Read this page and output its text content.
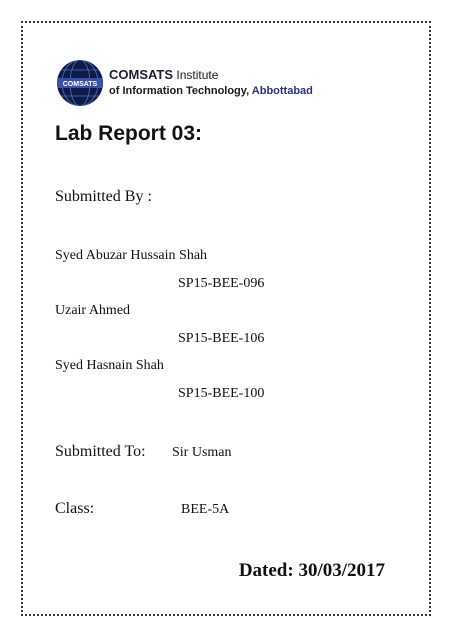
COMSATS
COMSATS Institute
of Information Technology, Abbottabad
Lab Report 03:

Submitted By :

Syed Abuzar Hussain Shah
SP15-BEE-096
Uzair Ahmed
SP15-BEE-106
Syed Hasnain Shah
SP15-BEE-100
Submitted To: Sir Usman
Class:	BEE-5A
Dated: 30/03/2017
